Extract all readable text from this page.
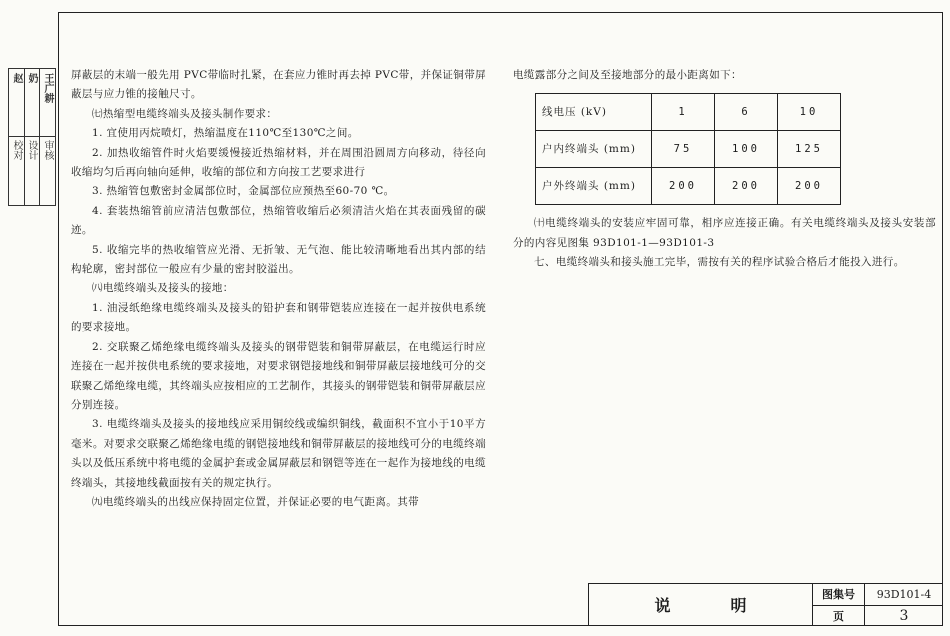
赵 奶 王广耕
校对 设计 审核

屏蔽层的末端一般先用 PVC带临时扎紧，在套应力锥时再去掉 PVC带，并保证铜带屏蔽层与应力锥的接触尺寸。

㈦热缩型电缆终端头及接头制作要求：

1. 宜使用丙烷喷灯，热缩温度在110℃至130℃之间。

2. 加热收缩管件时火焰要缓慢接近热缩材料，并在周围沿圆周方向移动，待径向收缩均匀后再向轴向延伸，收缩的部位和方向按工艺要求进行

3. 热缩管包敷密封金属部位时，金属部位应预热至60-70 ℃。

4. 套装热缩管前应清洁包敷部位，热缩管收缩后必须清洁火焰在其表面残留的碳迹。

5. 收缩完毕的热收缩管应光滑、无折皱、无气泡、能比较清晰地看出其内部的结构轮廓，密封部位一般应有少量的密封胶溢出。

㈧电缆终端头及接头的接地：

1. 油浸纸绝缘电缆终端头及接头的铅护套和钢带铠装应连接在一起并按供电系统的要求接地。

2. 交联聚乙烯绝缘电缆终端头及接头的钢带铠装和铜带屏蔽层，在电缆运行时应连接在一起并按供电系统的要求接地，对要求钢铠接地线和铜带屏蔽层接地线可分的交联聚乙烯绝缘电缆，其终端头应按相应的工艺制作，其接头的钢带铠装和铜带屏蔽层应分别连接。

3. 电缆终端头及接头的接地线应采用铜绞线或编织铜线，截面积不宜小于10平方毫米。对要求交联聚乙烯绝缘电缆的钢铠接地线和铜带屏蔽层的接地线可分的电缆终端头以及低压系统中将电缆的金属护套或金属屏蔽层和钢铠等连在一起作为接地线的电缆终端头，其接地线截面按有关的规定执行。

㈨电缆终端头的出线应保持固定位置，并保证必要的电气距离。其带

电缆露部分之间及至接地部分的最小距离如下：

线电压 (kV)	1	6	10
户内终端头 (mm)	75	100	125
户外终端头 (mm)	200	200	200

㈩电缆终端头的安装应牢固可靠，相序应连接正确。有关电缆终端头及接头安装部分的内容见图集 93D101-1—93D101-3

七、电缆终端头和接头施工完毕，需按有关的程序试验合格后才能投入进行。

说明
图集号	93D101-4
页	3
